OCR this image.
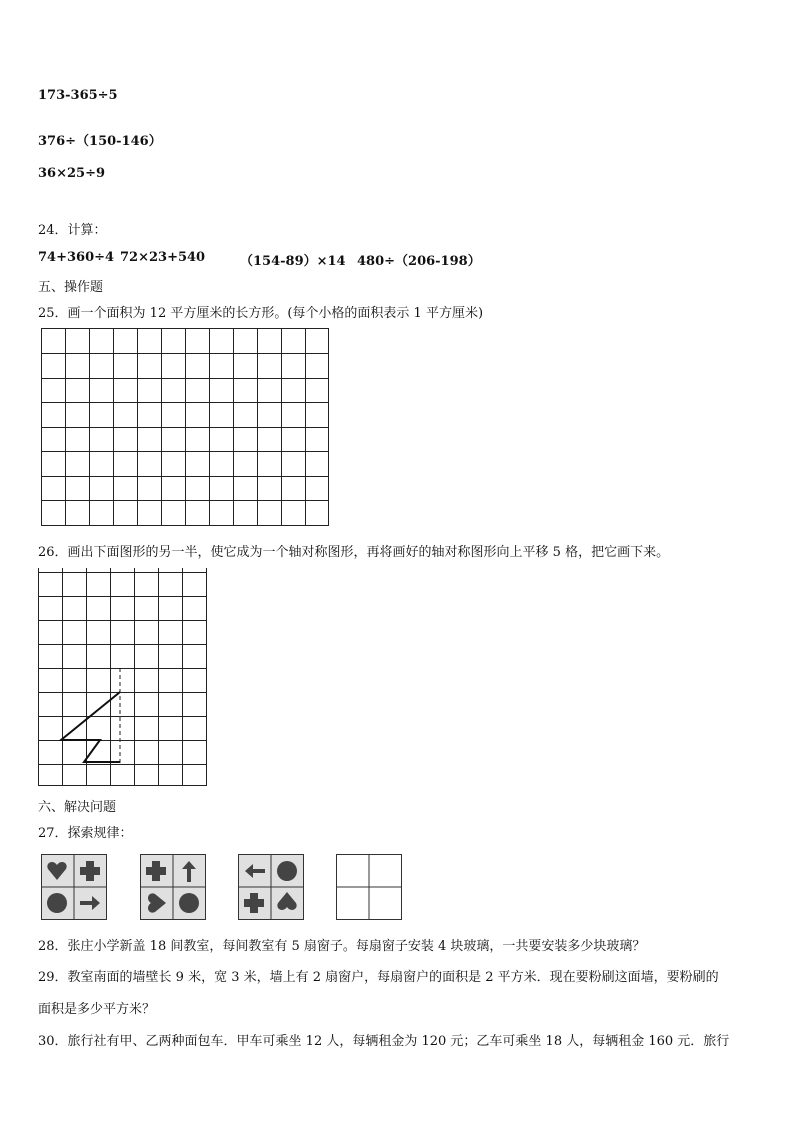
173-365÷5
376÷（150-146）
36×25÷9
24．计算：
74+360÷4 72×23+540	（154-89）×14 480÷（206-198）
五、操作题
25．画一个面积为 12 平方厘米的长方形。(每个小格的面积表示 1 平方厘米)
26．画出下面图形的另一半，使它成为一个轴对称图形，再将画好的轴对称图形向上平移 5 格，把它画下来。
六、解决问题
27．探索规律：
28．张庄小学新盖 18 间教室，每间教室有 5 扇窗子。每扇窗子安装 4 块玻璃，一共要安装多少块玻璃？
29．教室南面的墙壁长 9 米，宽 3 米，墙上有 2 扇窗户，每扇窗户的面积是 2 平方米．现在要粉刷这面墙，要粉刷的
面积是多少平方米？
30．旅行社有甲、乙两种面包车．甲车可乘坐 12 人，每辆租金为 120 元；乙车可乘坐 18 人，每辆租金 160 元．旅行
